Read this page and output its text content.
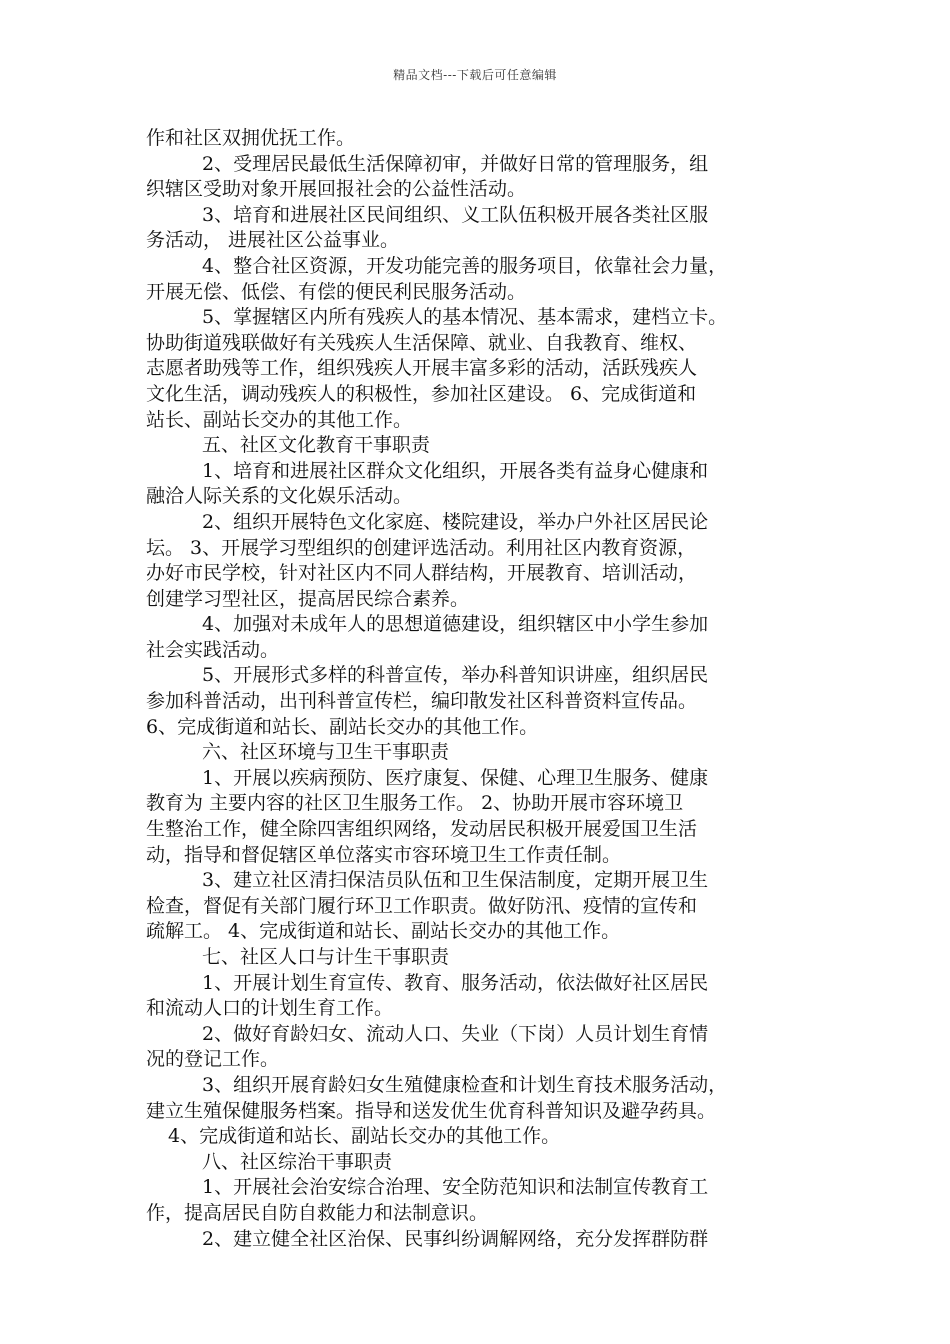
精品文档---下载后可任意编辑
作和社区双拥优抚工作。
2、受理居民最低生活保障初审，并做好日常的管理服务，组
织辖区受助对象开展回报社会的公益性活动。
3、培育和进展社区民间组织、义工队伍积极开展各类社区服
务活动， 进展社区公益事业。
4、整合社区资源，开发功能完善的服务项目，依靠社会力量，
开展无偿、低偿、有偿的便民利民服务活动。
5、掌握辖区内所有残疾人的基本情况、基本需求，建档立卡。
协助街道残联做好有关残疾人生活保障、就业、自我教育、维权、
志愿者助残等工作，组织残疾人开展丰富多彩的活动，活跃残疾人
文化生活，调动残疾人的积极性，参加社区建设。 6、完成街道和
站长、副站长交办的其他工作。
五、社区文化教育干事职责
1、培育和进展社区群众文化组织，开展各类有益身心健康和
融洽人际关系的文化娱乐活动。
2、组织开展特色文化家庭、楼院建设，举办户外社区居民论
坛。 3、开展学习型组织的创建评选活动。利用社区内教育资源，
办好市民学校，针对社区内不同人群结构，开展教育、培训活动，
创建学习型社区，提高居民综合素养。
4、加强对未成年人的思想道德建设，组织辖区中小学生参加
社会实践活动。
5、开展形式多样的科普宣传，举办科普知识讲座，组织居民
参加科普活动，出刊科普宣传栏，编印散发社区科普资料宣传品。
6、完成街道和站长、副站长交办的其他工作。
六、社区环境与卫生干事职责
1、开展以疾病预防、医疗康复、保健、心理卫生服务、健康
教育为 主要内容的社区卫生服务工作。 2、协助开展市容环境卫
生整治工作，健全除四害组织网络，发动居民积极开展爱国卫生活
动，指导和督促辖区单位落实市容环境卫生工作责任制。
3、建立社区清扫保洁员队伍和卫生保洁制度，定期开展卫生
检查，督促有关部门履行环卫工作职责。做好防汛、疫情的宣传和
疏解工。 4、完成街道和站长、副站长交办的其他工作。
七、社区人口与计生干事职责
1、开展计划生育宣传、教育、服务活动，依法做好社区居民
和流动人口的计划生育工作。
2、做好育龄妇女、流动人口、失业（下岗）人员计划生育情
况的登记工作。
3、组织开展育龄妇女生殖健康检查和计划生育技术服务活动，
建立生殖保健服务档案。指导和送发优生优育科普知识及避孕药具。
4、完成街道和站长、副站长交办的其他工作。
八、社区综治干事职责
1、开展社会治安综合治理、安全防范知识和法制宣传教育工
作，提高居民自防自救能力和法制意识。
2、建立健全社区治保、民事纠纷调解网络，充分发挥群防群
